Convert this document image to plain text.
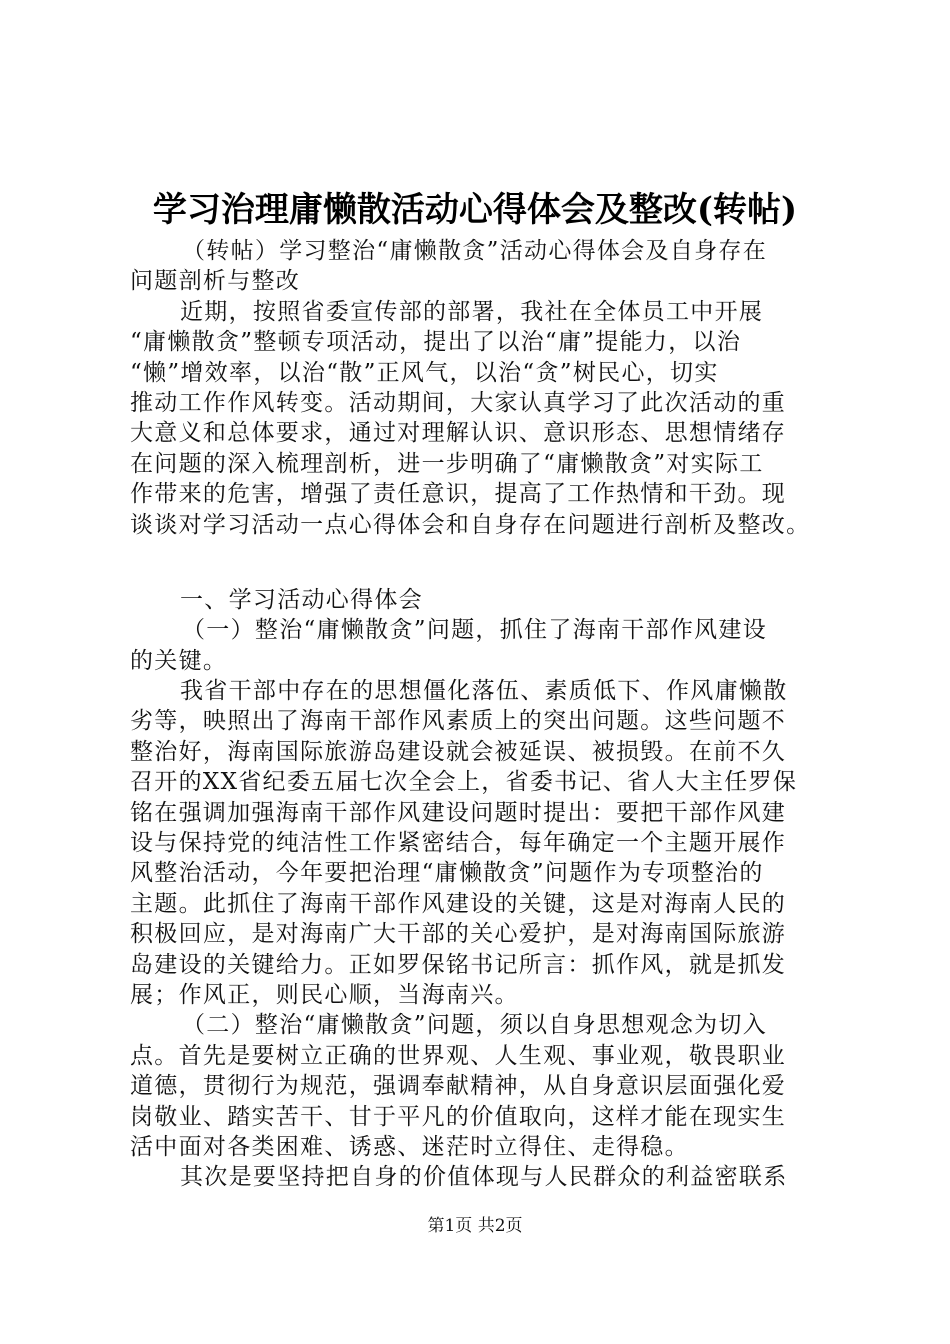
学习治理庸懒散活动心得体会及整改(转帖)
（转帖）学习整治“庸懒散贪”活动心得体会及自身存在
问题剖析与整改
近期，按照省委宣传部的部署，我社在全体员工中开展
“庸懒散贪”整顿专项活动，提出了以治“庸”提能力，以治
“懒”增效率，以治“散”正风气，以治“贪”树民心，切实
推动工作作风转变。活动期间，大家认真学习了此次活动的重
大意义和总体要求，通过对理解认识、意识形态、思想情绪存
在问题的深入梳理剖析，进一步明确了“庸懒散贪”对实际工
作带来的危害，增强了责任意识，提高了工作热情和干劲。现
谈谈对学习活动一点心得体会和自身存在问题进行剖析及整改。
一、学习活动心得体会
（一）整治“庸懒散贪”问题，抓住了海南干部作风建设
的关键。
我省干部中存在的思想僵化落伍、素质低下、作风庸懒散
劣等，映照出了海南干部作风素质上的突出问题。这些问题不
整治好，海南国际旅游岛建设就会被延误、被损毁。在前不久
召开的XX省纪委五届七次全会上，省委书记、省人大主任罗保
铭在强调加强海南干部作风建设问题时提出：要把干部作风建
设与保持党的纯洁性工作紧密结合，每年确定一个主题开展作
风整治活动，今年要把治理“庸懒散贪”问题作为专项整治的
主题。此抓住了海南干部作风建设的关键，这是对海南人民的
积极回应，是对海南广大干部的关心爱护，是对海南国际旅游
岛建设的关键给力。正如罗保铭书记所言：抓作风，就是抓发
展；作风正，则民心顺，当海南兴。
（二）整治“庸懒散贪”问题，须以自身思想观念为切入
点。首先是要树立正确的世界观、人生观、事业观，敬畏职业
道德，贯彻行为规范，强调奉献精神，从自身意识层面强化爱
岗敬业、踏实苦干、甘于平凡的价值取向，这样才能在现实生
活中面对各类困难、诱惑、迷茫时立得住、走得稳。
其次是要坚持把自身的价值体现与人民群众的利益密联系
第1页 共2页
